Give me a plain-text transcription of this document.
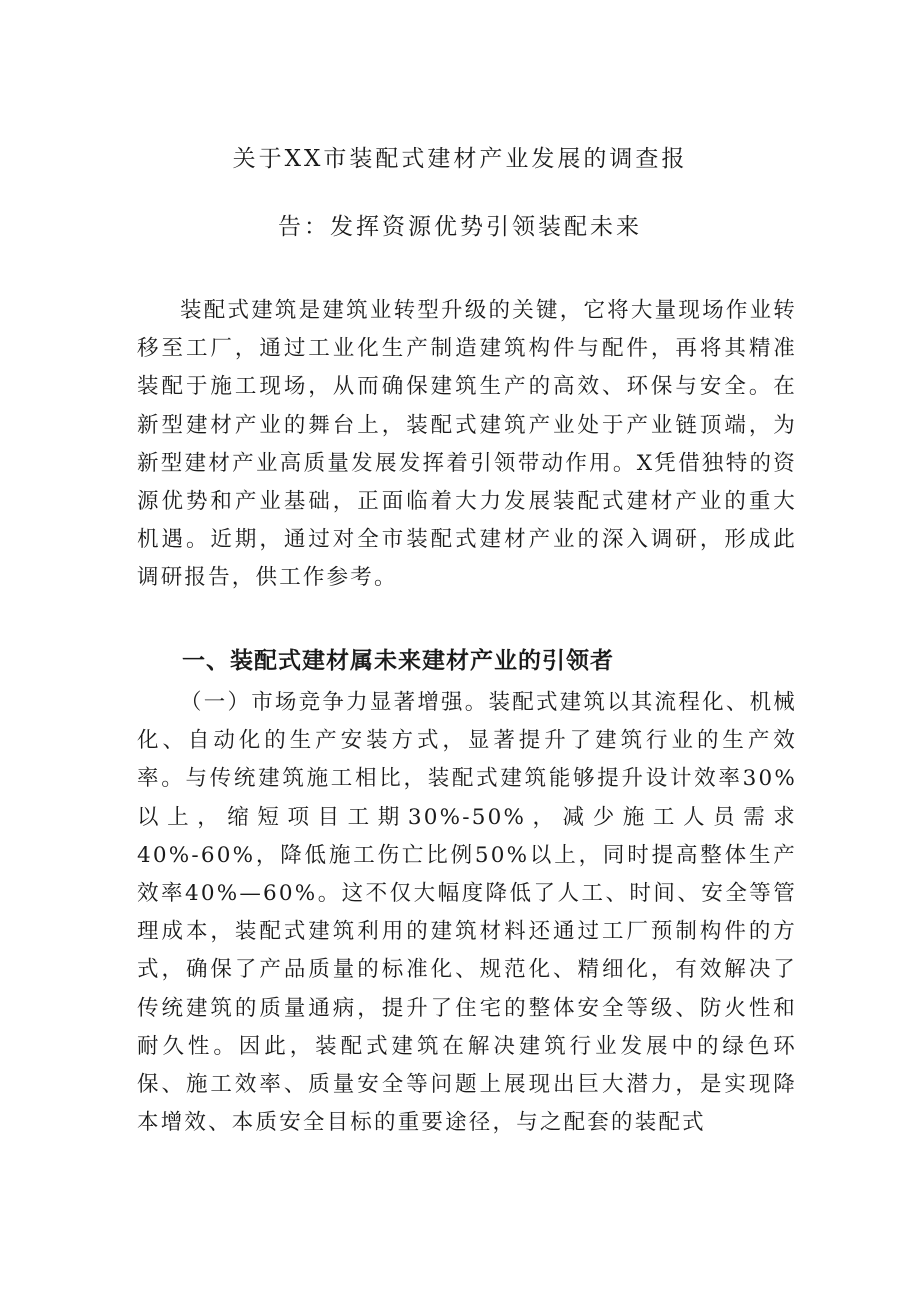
关于XX市装配式建材产业发展的调查报
告：发挥资源优势引领装配未来

装配式建筑是建筑业转型升级的关键，它将大量现场作业转移至工厂，通过工业化生产制造建筑构件与配件，再将其精准装配于施工现场，从而确保建筑生产的高效、环保与安全。在新型建材产业的舞台上，装配式建筑产业处于产业链顶端，为新型建材产业高质量发展发挥着引领带动作用。X凭借独特的资源优势和产业基础，正面临着大力发展装配式建材产业的重大机遇。近期，通过对全市装配式建材产业的深入调研，形成此调研报告，供工作参考。

一、装配式建材属未来建材产业的引领者

（一）市场竞争力显著增强。装配式建筑以其流程化、机械化、自动化的生产安装方式，显著提升了建筑行业的生产效率。与传统建筑施工相比，装配式建筑能够提升设计效率30%以上，缩短项目工期30%-50%，减少施工人员需求40%-60%，降低施工伤亡比例50%以上，同时提高整体生产效率40%—60%。这不仅大幅度降低了人工、时间、安全等管理成本，装配式建筑利用的建筑材料还通过工厂预制构件的方式，确保了产品质量的标准化、规范化、精细化，有效解决了传统建筑的质量通病，提升了住宅的整体安全等级、防火性和耐久性。因此，装配式建筑在解决建筑行业发展中的绿色环保、施工效率、质量安全等问题上展现出巨大潜力，是实现降本增效、本质安全目标的重要途径，与之配套的装配式
